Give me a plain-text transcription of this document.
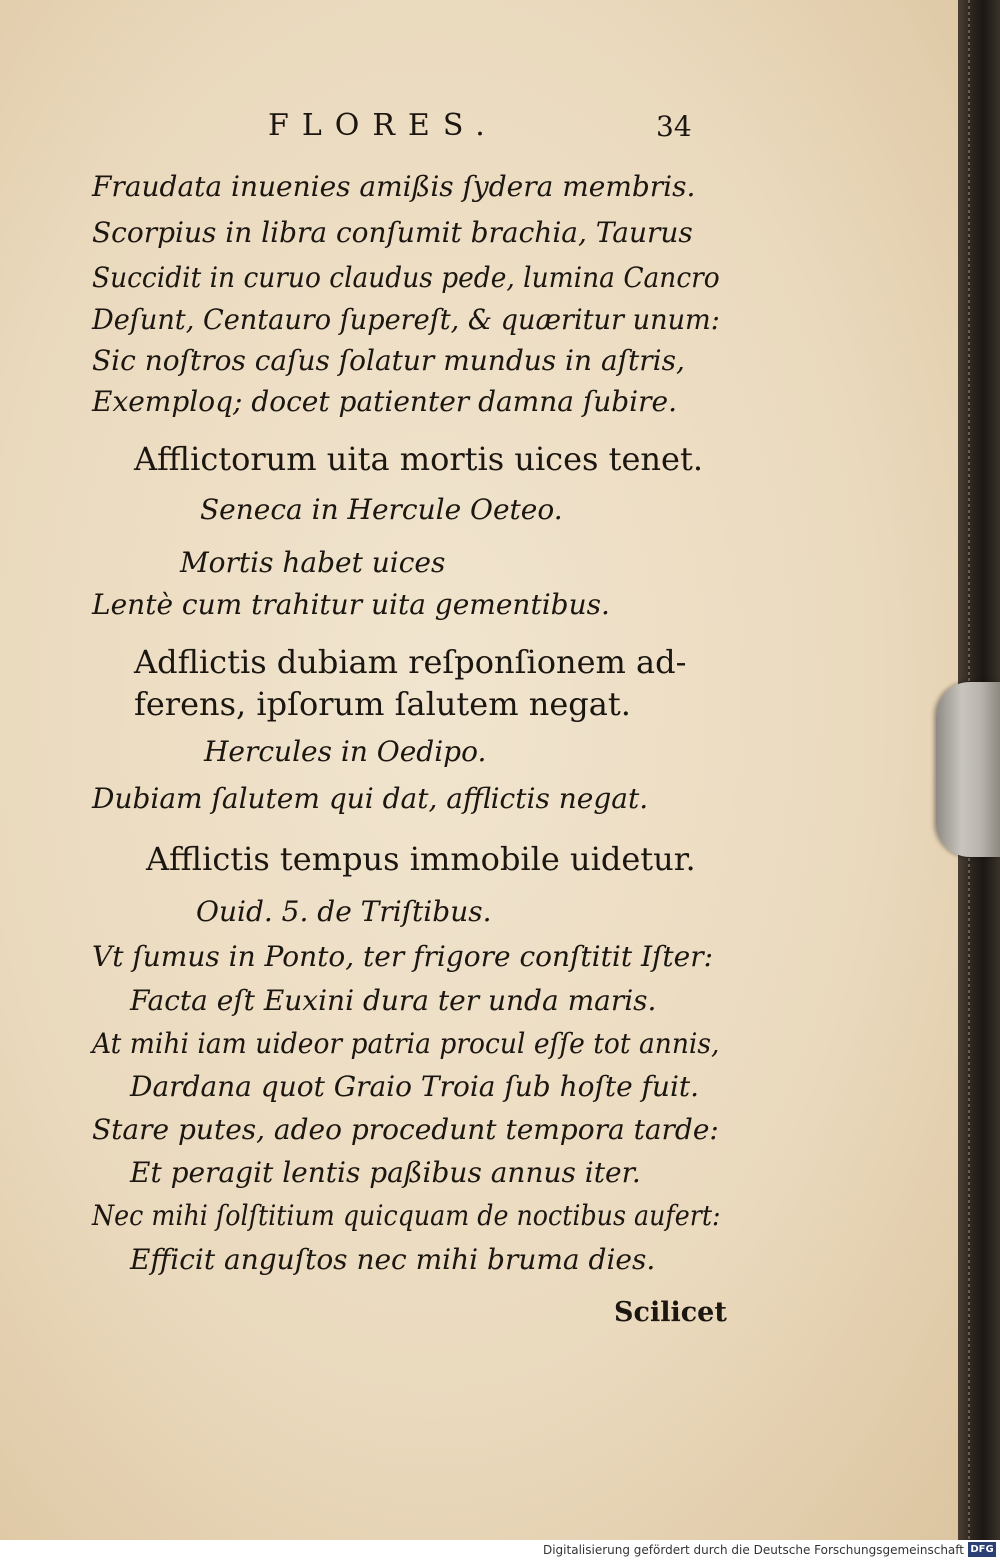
FLORES.	34
Fraudata inuenies amißis ſydera membris.
Scorpius in libra conſumit brachia, Taurus
Succidit in curuo claudus pede, lumina Cancro
Deſunt, Centauro ſupereſt, & quæritur unum:
Sic noſtros caſus ſolatur mundus in aſtris,
Exemploq; docet patienter damna ſubire.
Afflictorum uita mortis uices tenet.
Seneca in Hercule Oeteo.
Mortis habet uices
Lentè cum trahitur uita gementibus.
Adflictis dubiam reſponſionem ad-
ferens, ipſorum ſalutem negat.
Hercules in Oedipo.
Dubiam ſalutem qui dat, afflictis negat.
Afflictis tempus immobile uidetur.
Ouid. 5. de Triſtibus.
Vt ſumus in Ponto, ter frigore conſtitit Iſter:
Facta eſt Euxini dura ter unda maris.
At mihi iam uideor patria procul eſſe tot annis,
Dardana quot Graio Troia ſub hoſte fuit.
Stare putes, adeo procedunt tempora tarde:
Et peragit lentis paßibus annus iter.
Nec mihi ſolſtitium quicquam de noctibus aufert:
Efficit anguſtos nec mihi bruma dies.
Scilicet
Digitalisierung gefördert durch die Deutsche Forschungsgemeinschaft DFG
